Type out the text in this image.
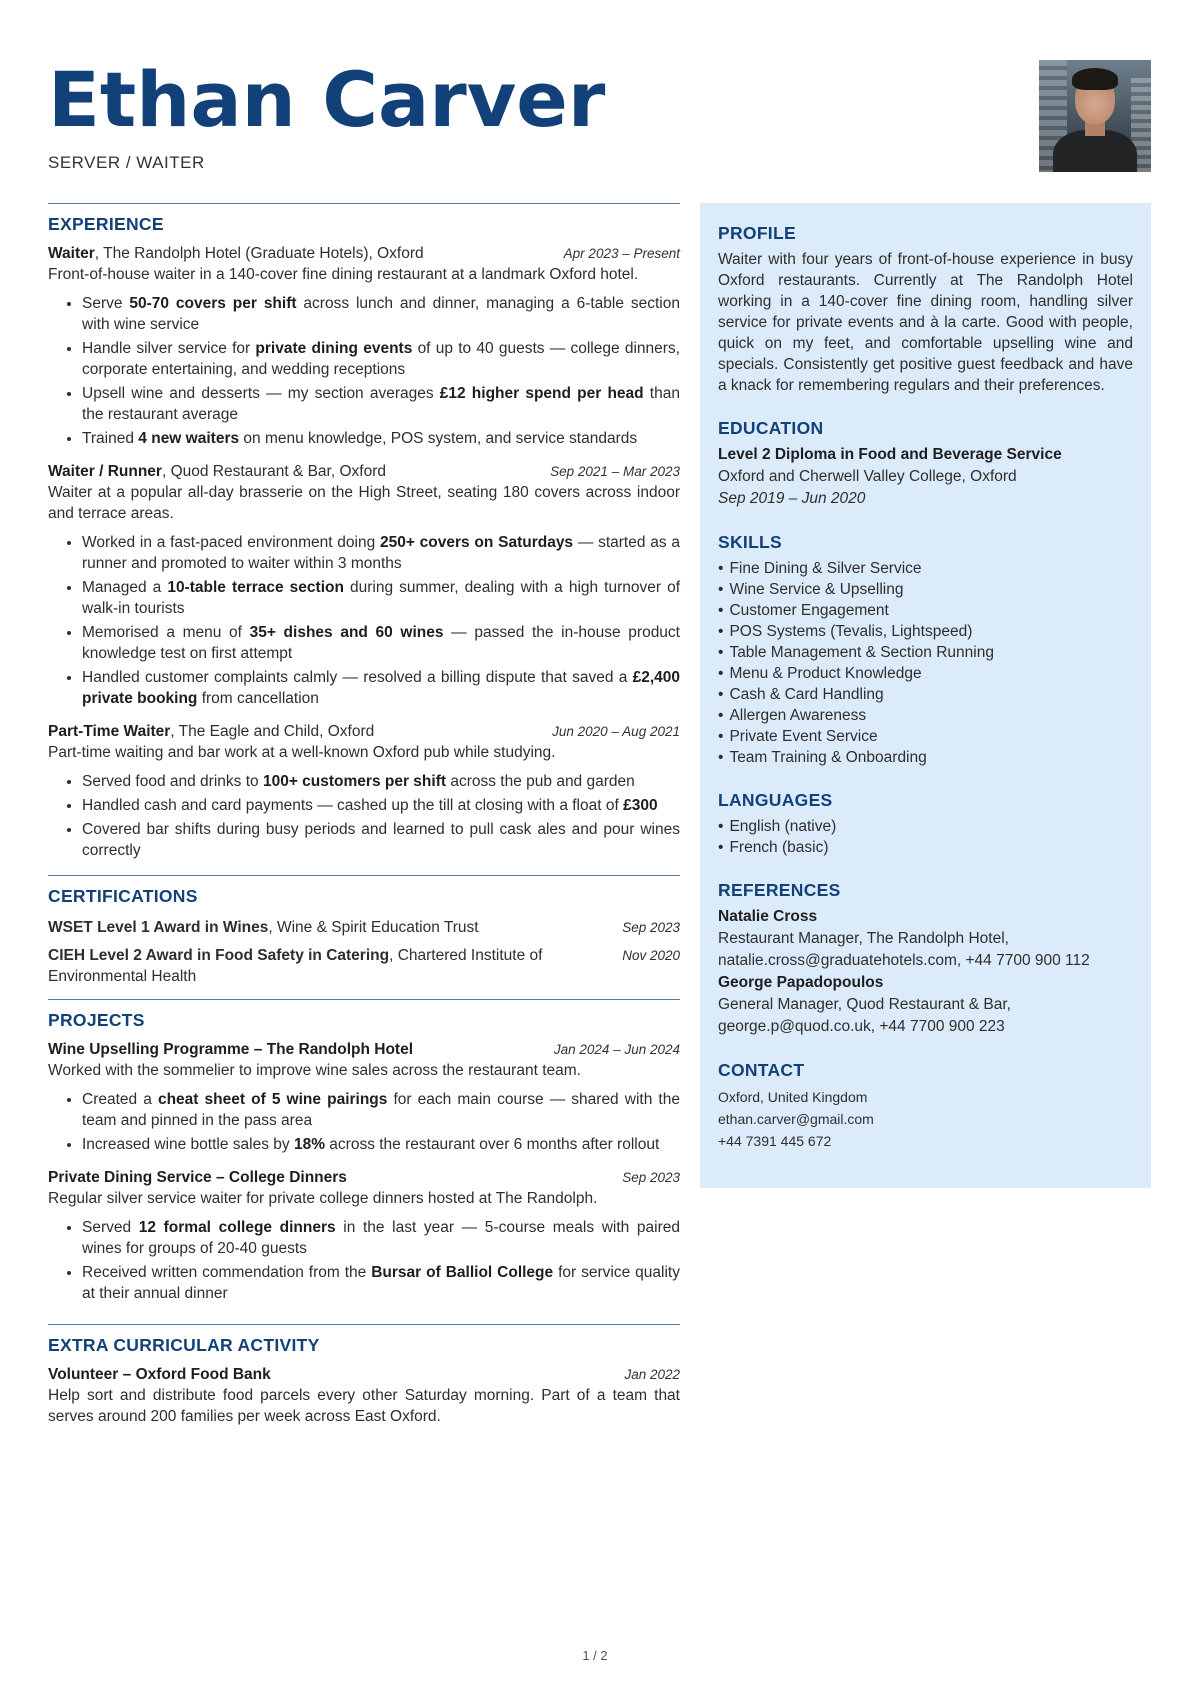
Ethan Carver
SERVER / WAITER
EXPERIENCE
Waiter, The Randolph Hotel (Graduate Hotels), Oxford	Apr 2023 – Present
Front-of-house waiter in a 140-cover fine dining restaurant at a landmark Oxford hotel.
• Serve 50-70 covers per shift across lunch and dinner, managing a 6-table section with wine service
• Handle silver service for private dining events of up to 40 guests — college dinners, corporate entertaining, and wedding receptions
• Upsell wine and desserts — my section averages £12 higher spend per head than the restaurant average
• Trained 4 new waiters on menu knowledge, POS system, and service standards
Waiter / Runner, Quod Restaurant & Bar, Oxford	Sep 2021 – Mar 2023
Waiter at a popular all-day brasserie on the High Street, seating 180 covers across indoor and terrace areas.
• Worked in a fast-paced environment doing 250+ covers on Saturdays — started as a runner and promoted to waiter within 3 months
• Managed a 10-table terrace section during summer, dealing with a high turnover of walk-in tourists
• Memorised a menu of 35+ dishes and 60 wines — passed the in-house product knowledge test on first attempt
• Handled customer complaints calmly — resolved a billing dispute that saved a £2,400 private booking from cancellation
Part-Time Waiter, The Eagle and Child, Oxford	Jun 2020 – Aug 2021
Part-time waiting and bar work at a well-known Oxford pub while studying.
• Served food and drinks to 100+ customers per shift across the pub and garden
• Handled cash and card payments — cashed up the till at closing with a float of £300
• Covered bar shifts during busy periods and learned to pull cask ales and pour wines correctly
CERTIFICATIONS
WSET Level 1 Award in Wines, Wine & Spirit Education Trust	Sep 2023
CIEH Level 2 Award in Food Safety in Catering, Chartered Institute of Environmental Health
Nov 2020
PROJECTS
Wine Upselling Programme – The Randolph Hotel	Jan 2024 – Jun 2024
Worked with the sommelier to improve wine sales across the restaurant team.
• Created a cheat sheet of 5 wine pairings for each main course — shared with the team and pinned in the pass area
• Increased wine bottle sales by 18% across the restaurant over 6 months after rollout
Private Dining Service – College Dinners	Sep 2023
Regular silver service waiter for private college dinners hosted at The Randolph.
• Served 12 formal college dinners in the last year — 5-course meals with paired wines for groups of 20-40 guests
• Received written commendation from the Bursar of Balliol College for service quality at their annual dinner
EXTRA CURRICULAR ACTIVITY
Volunteer – Oxford Food Bank	Jan 2022
Help sort and distribute food parcels every other Saturday morning. Part of a team that serves around 200 families per week across East Oxford.
PROFILE
Waiter with four years of front-of-house experience in busy Oxford restaurants. Currently at The Randolph Hotel working in a 140-cover fine dining room, handling silver service for private events and à la carte. Good with people, quick on my feet, and comfortable upselling wine and specials. Consistently get positive guest feedback and have a knack for remembering regulars and their preferences.
EDUCATION
Level 2 Diploma in Food and Beverage Service
Oxford and Cherwell Valley College, Oxford
Sep 2019 – Jun 2020
SKILLS
• Fine Dining & Silver Service
• Wine Service & Upselling
• Customer Engagement
• POS Systems (Tevalis, Lightspeed)
• Table Management & Section Running
• Menu & Product Knowledge
• Cash & Card Handling
• Allergen Awareness
• Private Event Service
• Team Training & Onboarding
LANGUAGES
• English (native)
• French (basic)
REFERENCES
Natalie Cross
Restaurant Manager, The Randolph Hotel, natalie.cross@graduatehotels.com, +44 7700 900 112
George Papadopoulos
General Manager, Quod Restaurant & Bar, george.p@quod.co.uk, +44 7700 900 223
CONTACT
Oxford, United Kingdom
ethan.carver@gmail.com
+44 7391 445 672
1 / 2
